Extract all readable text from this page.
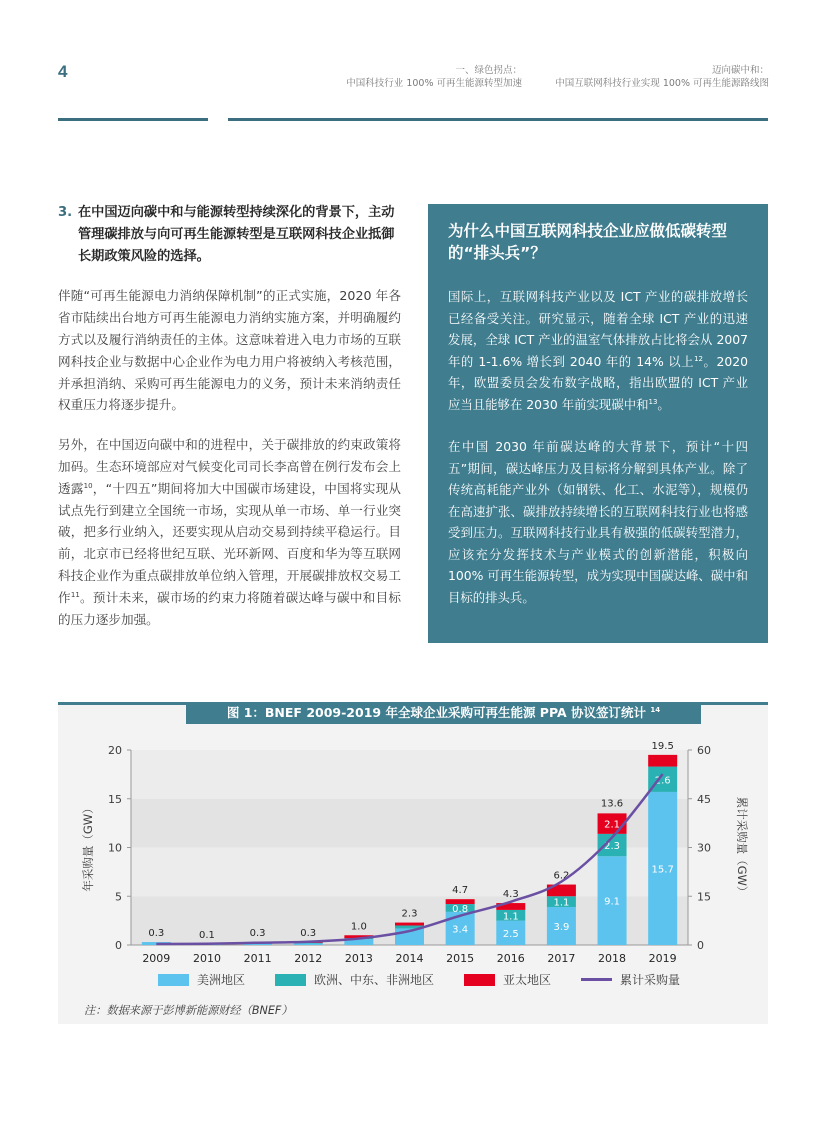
4	一、绿色拐点：
中国科技行业 100% 可再生能源转型加速
迈向碳中和：
中国互联网科技行业实现 100% 可再生能源路线图
3. 在中国迈向碳中和与能源转型持续深化的背景下，主动管理碳排放与向可再生能源转型是互联网科技企业抵御长期政策风险的选择。

伴随“可再生能源电力消纳保障机制”的正式实施，2020 年各省市陆续出台地方可再生能源电力消纳实施方案，并明确履约方式以及履行消纳责任的主体。这意味着进入电力市场的互联网科技企业与数据中心企业作为电力用户将被纳入考核范围，并承担消纳、采购可再生能源电力的义务，预计未来消纳责任权重压力将逐步提升。

另外，在中国迈向碳中和的进程中，关于碳排放的约束政策将加码。生态环境部应对气候变化司司长李高曾在例行发布会上透露$^{10}$，“十四五”期间将加大中国碳市场建设，中国将实现从试点先行到建立全国统一市场，实现从单一市场、单一行业突破，把多行业纳入，还要实现从启动交易到持续平稳运行。目前，北京市已经将世纪互联、光环新网、百度和华为等互联网科技企业作为重点碳排放单位纳入管理，开展碳排放权交易工作$^{11}$。预计未来，碳市场的约束力将随着碳达峰与碳中和目标的压力逐步加强。

为什么中国互联网科技企业应做低碳转型的“排头兵”？

国际上，互联网科技产业以及 ICT 产业的碳排放增长已经备受关注。研究显示，随着全球 ICT 产业的迅速发展，全球 ICT 产业的温室气体排放占比将会从 2007 年的 1-1.6% 增长到 2040 年的 14% 以上$^{12}$。2020 年，欧盟委员会发布数字战略，指出欧盟的 ICT 产业应当且能够在 2030 年前实现碳中和$^{13}$。

在中国 2030 年前碳达峰的大背景下，预计“十四五”期间，碳达峰压力及目标将分解到具体产业。除了传统高耗能产业外（如钢铁、化工、水泥等），规模仍在高速扩张、碳排放持续增长的互联网科技行业也将感受到压力。互联网科技行业具有极强的低碳转型潜力，应该充分发挥技术与产业模式的创新潜能，积极向 100% 可再生能源转型，成为实现中国碳达峰、碳中和目标的排头兵。

0
5
10
15
20
0
15
30
45
60
年采购量（GW）	累计采购量（GW）
0.3
2009
0.1
2010
0.3
2011
0.3
2012
1.0
2013
2.3
2014
3.4
0.8
4.7
2015
2.5
1.1
4.3
2016
3.9
1.1
6.2
2017
9.1
2.3
2.1
13.6
2018
15.7
2.6
19.5
2019
图 1：BNEF 2009-2019 年全球企业采购可再生能源 PPA 协议签订统计 $^{14}$
美洲地区	欧洲、中东、非洲地区	亚太地区	累计采购量
注：数据来源于彭博新能源财经（BNEF）
